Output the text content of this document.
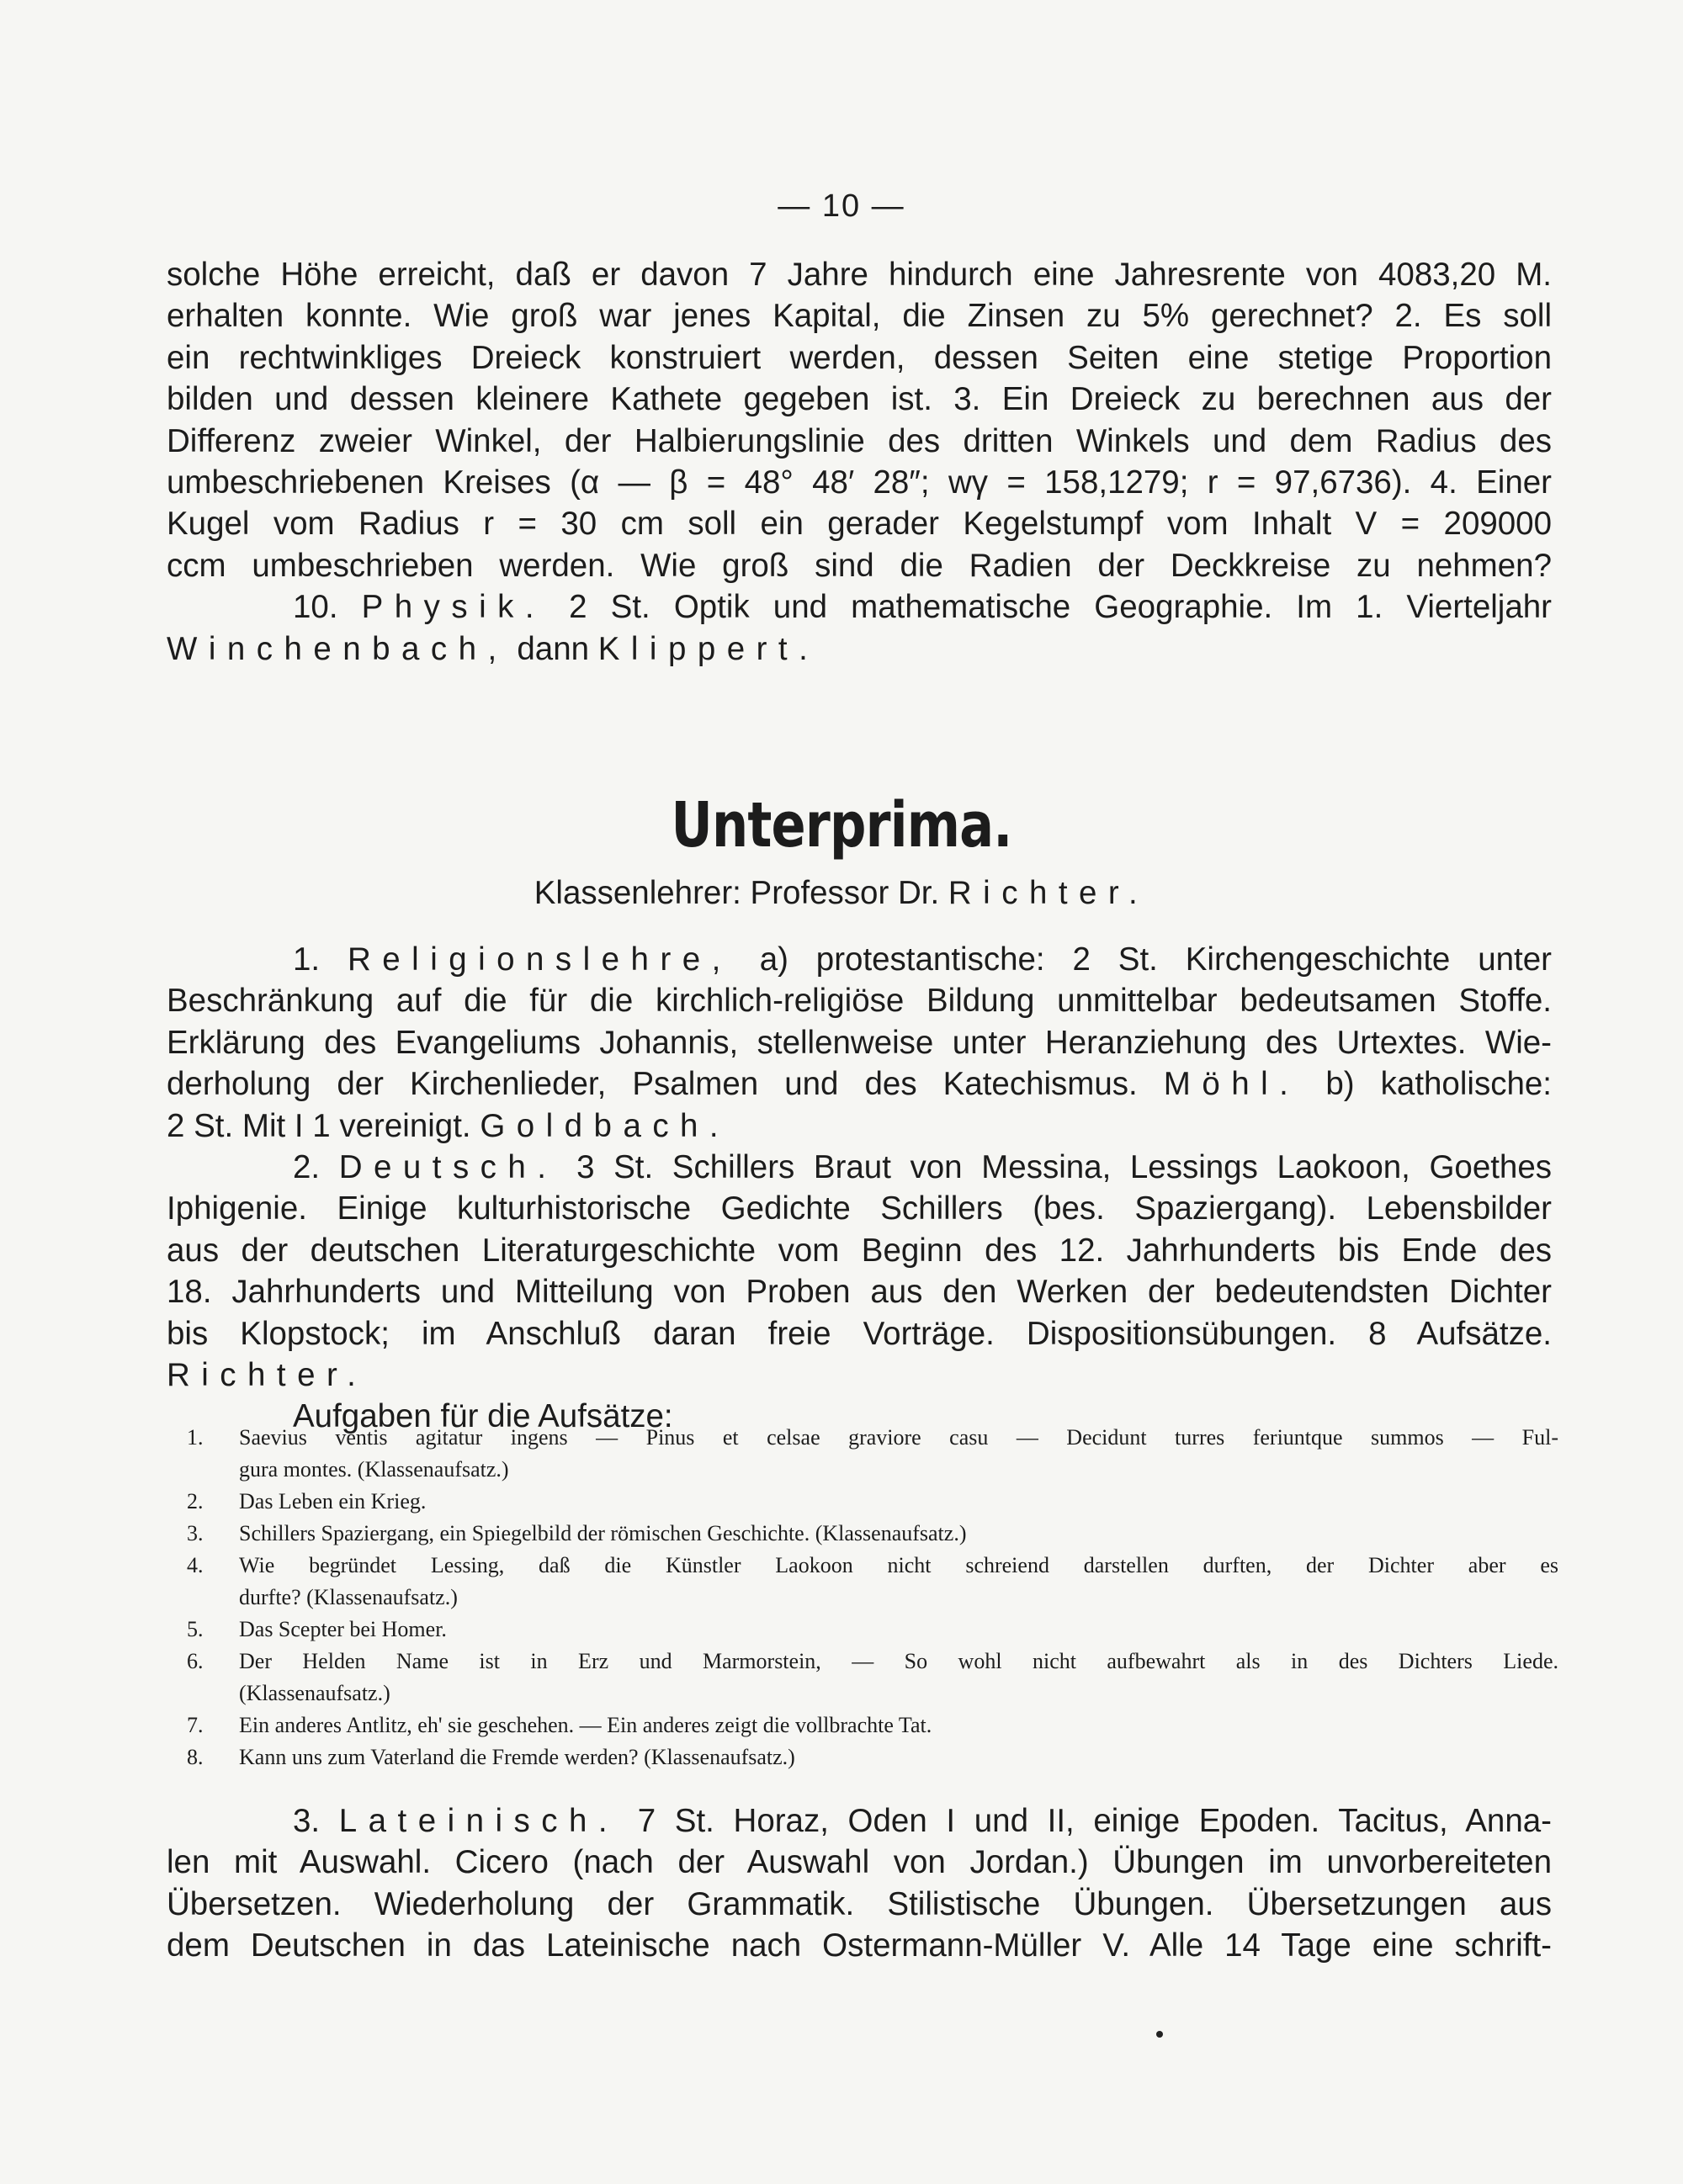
— 10 —
solche Höhe erreicht, daß er davon 7 Jahre hindurch eine Jahresrente von 4083,20 M.
erhalten konnte. Wie groß war jenes Kapital, die Zinsen zu 5% gerechnet? 2. Es soll
ein rechtwinkliges Dreieck konstruiert werden, dessen Seiten eine stetige Proportion
bilden und dessen kleinere Kathete gegeben ist. 3. Ein Dreieck zu berechnen aus der
Differenz zweier Winkel, der Halbierungslinie des dritten Winkels und dem Radius des
umbeschriebenen Kreises (α — β = 48° 48′ 28″; wγ = 158,1279; r = 97,6736). 4. Einer
Kugel vom Radius r = 30 cm soll ein gerader Kegelstumpf vom Inhalt V = 209000
ccm umbeschrieben werden. Wie groß sind die Radien der Deckkreise zu nehmen?
10. Physik. 2 St. Optik und mathematische Geographie. Im 1. Vierteljahr
Winchenbach, dann Klippert.
Unterprima.
Klassenlehrer: Professor Dr. Richter.
1. Religionslehre, a) protestantische: 2 St. Kirchengeschichte unter
Beschränkung auf die für die kirchlich-religiöse Bildung unmittelbar bedeutsamen Stoffe.
Erklärung des Evangeliums Johannis, stellenweise unter Heranziehung des Urtextes. Wie-
derholung der Kirchenlieder, Psalmen und des Katechismus. Möhl. b) katholische:
2 St. Mit I 1 vereinigt. Goldbach.
2. Deutsch. 3 St. Schillers Braut von Messina, Lessings Laokoon, Goethes
Iphigenie. Einige kulturhistorische Gedichte Schillers (bes. Spaziergang). Lebensbilder
aus der deutschen Literaturgeschichte vom Beginn des 12. Jahrhunderts bis Ende des
18. Jahrhunderts und Mitteilung von Proben aus den Werken der bedeutendsten Dichter
bis Klopstock; im Anschluß daran freie Vorträge. Dispositionsübungen. 8 Aufsätze.
Richter.
Aufgaben für die Aufsätze:
1.	Saevius ventis agitatur ingens — Pinus et celsae graviore casu — Decidunt turres feriuntque summos — Ful-
gura montes. (Klassenaufsatz.)
2.	Das Leben ein Krieg.
3.	Schillers Spaziergang, ein Spiegelbild der römischen Geschichte. (Klassenaufsatz.)
4.	Wie begründet Lessing, daß die Künstler Laokoon nicht schreiend darstellen durften, der Dichter aber es
durfte? (Klassenaufsatz.)
5.	Das Scepter bei Homer.
6.	Der Helden Name ist in Erz und Marmorstein, — So wohl nicht aufbewahrt als in des Dichters Liede.
(Klassenaufsatz.)
7.	Ein anderes Antlitz, eh' sie geschehen. — Ein anderes zeigt die vollbrachte Tat.
8.	Kann uns zum Vaterland die Fremde werden? (Klassenaufsatz.)
3. Lateinisch. 7 St. Horaz, Oden I und II, einige Epoden. Tacitus, Anna-
len mit Auswahl. Cicero (nach der Auswahl von Jordan.) Übungen im unvorbereiteten
Übersetzen. Wiederholung der Grammatik. Stilistische Übungen. Übersetzungen aus
dem Deutschen in das Lateinische nach Ostermann-Müller V. Alle 14 Tage eine schrift-
